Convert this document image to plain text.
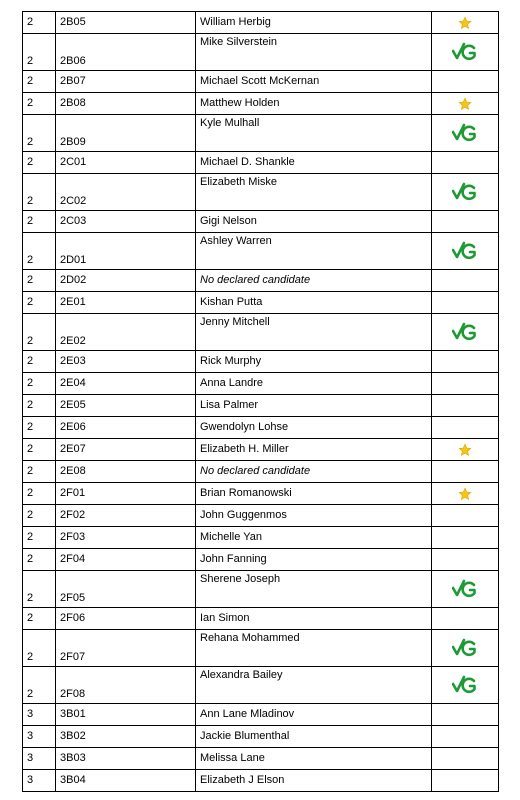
2	2B05	William Herbig	

2	2B06	Mike Silverstein	

2	2B07	Michael Scott McKernan	
2	2B08	Matthew Holden	

2	2B09	Kyle Mulhall	

2	2C01	Michael D. Shankle	
2	2C02	Elizabeth Miske	

2	2C03	Gigi Nelson	
2	2D01	Ashley Warren	

2	2D02	No declared candidate	
2	2E01	Kishan Putta	
2	2E02	Jenny Mitchell	

2	2E03	Rick Murphy	
2	2E04	Anna Landre	
2	2E05	Lisa Palmer	
2	2E06	Gwendolyn Lohse	
2	2E07	Elizabeth H. Miller	

2	2E08	No declared candidate	
2	2F01	Brian Romanowski	

2	2F02	John Guggenmos	
2	2F03	Michelle Yan	
2	2F04	John Fanning	
2	2F05	Sherene Joseph	

2	2F06	Ian Simon	
2	2F07	Rehana Mohammed	

2	2F08	Alexandra Bailey	

3	3B01	Ann Lane Mladinov	
3	3B02	Jackie Blumenthal	
3	3B03	Melissa Lane	
3	3B04	Elizabeth J Elson	
